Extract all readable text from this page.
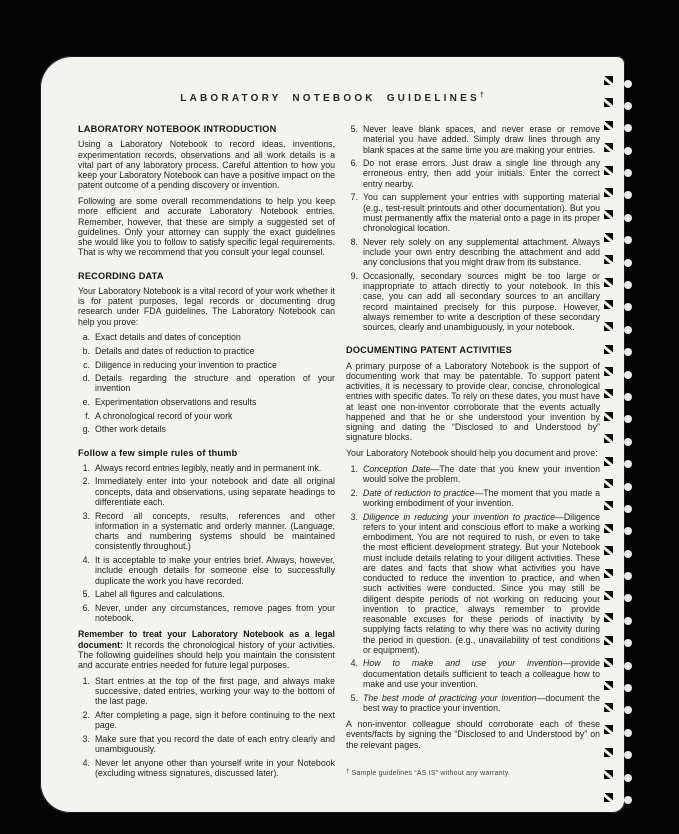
LABORATORY NOTEBOOK GUIDELINES†
LABORATORY NOTEBOOK INTRODUCTION
Using a Laboratory Notebook to record ideas, inventions, experimentation records, observations and all work details is a vital part of any laboratory process. Careful attention to how you keep your Laboratory Notebook can have a positive impact on the patent outcome of a pending discovery or invention.
Following are some overall recommendations to help you keep more efficient and accurate Laboratory Notebook entries. Remember, however, that these are simply a suggested set of guidelines. Only your attorney can supply the exact guidelines she would like you to follow to satisfy specific legal requirements. That is why we recommend that you consult your legal counsel.
RECORDING DATA
Your Laboratory Notebook is a vital record of your work whether it is for patent purposes, legal records or documenting drug research under FDA guidelines. The Laboratory Notebook can help you prove:
a. Exact details and dates of conception
b. Details and dates of reduction to practice
c. Diligence in reducing your invention to practice
d. Details regarding the structure and operation of your invention
e. Experimentation observations and results
f. A chronological record of your work
g. Other work details
Follow a few simple rules of thumb
1. Always record entries legibly, neatly and in permanent ink.
2. Immediately enter into your notebook and date all original concepts, data and observations, using separate headings to differentiate each.
3. Record all concepts, results, references and other information in a systematic and orderly manner. (Language, charts and numbering systems should be maintained consistently throughout.)
4. It is acceptable to make your entries brief. Always, however, include enough details for someone else to successfully duplicate the work you have recorded.
5. Label all figures and calculations.
6. Never, under any circumstances, remove pages from your notebook.
Remember to treat your Laboratory Notebook as a legal document: It records the chronological history of your activities. The following guidelines should help you maintain the consistent and accurate entries needed for future legal purposes.
1. Start entries at the top of the first page, and always make successive, dated entries, working your way to the bottom of the last page.
2. After completing a page, sign it before continuing to the next page.
3. Make sure that you record the date of each entry clearly and unambiguously.
4. Never let anyone other than yourself write in your Notebook (excluding witness signatures, discussed later).
5. Never leave blank spaces, and never erase or remove material you have added. Simply draw lines through any blank spaces at the same time you are making your entries.
6. Do not erase errors. Just draw a single line through any erroneous entry, then add your initials. Enter the correct entry nearby.
7. You can supplement your entries with supporting material (e.g., test-result printouts and other documentation). But you must permanently affix the material onto a page in its proper chronological location.
8. Never rely solely on any supplemental attachment. Always include your own entry describing the attachment and add any conclusions that you might draw from its substance.
9. Occasionally, secondary sources might be too large or inappropriate to attach directly to your notebook. In this case, you can add all secondary sources to an ancillary record maintained precisely for this purpose. However, always remember to write a description of these secondary sources, clearly and unambiguously, in your notebook.
DOCUMENTING PATENT ACTIVITIES
A primary purpose of a Laboratory Notebook is the support of documenting work that may be patentable. To support patent activities, it is necessary to provide clear, concise, chronological entries with specific dates. To rely on these dates, you must have at least one non-inventor corroborate that the events actually happened and that he or she understood your invention by signing and dating the “Disclosed to and Understood by” signature blocks.
Your Laboratory Notebook should help you document and prove:
1. Conception Date—The date that you knew your invention would solve the problem.
2. Date of reduction to practice—The moment that you made a working embodiment of your invention.
3. Diligence in reducing your invention to practice—Diligence refers to your intent and conscious effort to make a working embodiment. You are not required to rush, or even to take the most efficient development strategy. But your Notebook must include details relating to your diligent activities. These are dates and facts that show what activities you have conducted to reduce the invention to practice, and when such activities were conducted. Since you may still be diligent despite periods of not working on reducing your invention to practice, always remember to provide reasonable excuses for these periods of inactivity by supplying facts relating to why there was no activity during the period in question. (e.g., unavailability of test conditions or equipment).
4. How to make and use your invention—provide documentation details sufficient to teach a colleague how to make and use your invention.
5. The best mode of practicing your invention—document the best way to practice your invention.
A non-inventor colleague should corroborate each of these events/facts by signing the “Disclosed to and Understood by” on the relevant pages.
† Sample guidelines “AS IS” without any warranty.
